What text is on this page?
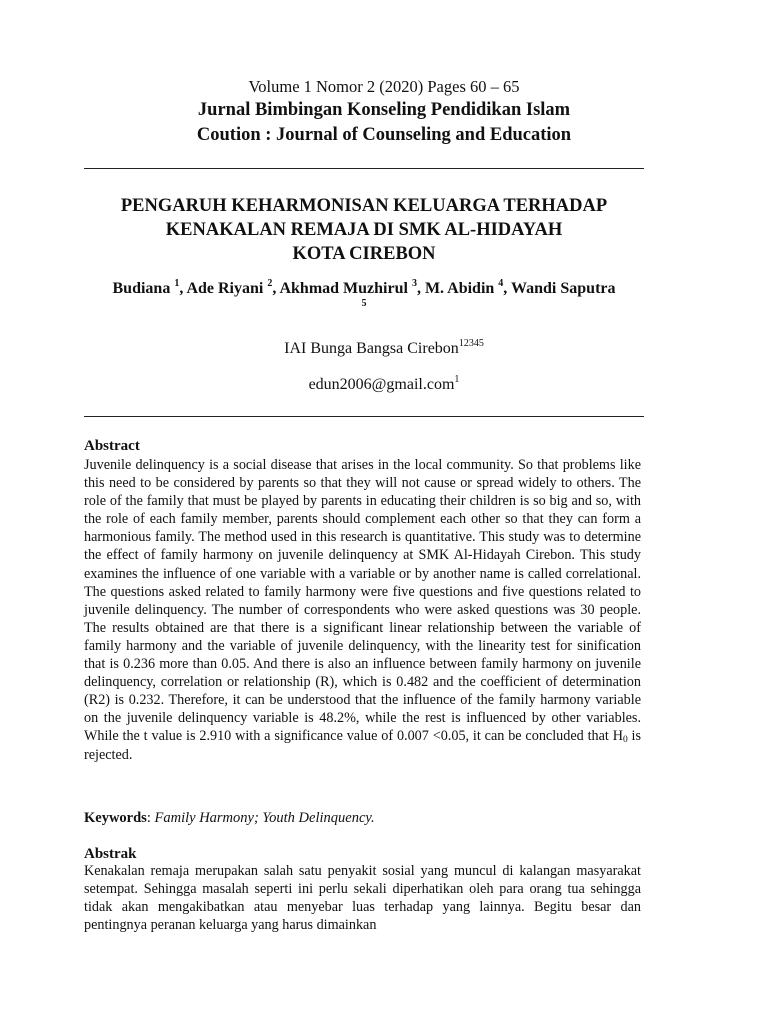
Volume 1 Nomor 2 (2020) Pages 60 – 65
Jurnal Bimbingan Konseling Pendidikan Islam
Coution : Journal of Counseling and Education
PENGARUH KEHARMONISAN KELUARGA TERHADAP
KENAKALAN REMAJA DI SMK AL-HIDAYAH
KOTA CIREBON
Budiana $^1$, Ade Riyani $^2$, Akhmad Muzhirul $^3$, M. Abidin $^4$, Wandi Saputra $^5$
IAI Bunga Bangsa Cirebon$^{12345}$
edun2006@gmail.com$^1$
Abstract
Juvenile delinquency is a social disease that arises in the local community. So that problems like this need to be considered by parents so that they will not cause or spread widely to others. The role of the family that must be played by parents in educating their children is so big and so, with the role of each family member, parents should complement each other so that they can form a harmonious family. The method used in this research is quantitative. This study was to determine the effect of family harmony on juvenile delinquency at SMK Al-Hidayah Cirebon. This study examines the influence of one variable with a variable or by another name is called correlational. The questions asked related to family harmony were five questions and five questions related to juvenile delinquency. The number of correspondents who were asked questions was 30 people. The results obtained are that there is a significant linear relationship between the variable of family harmony and the variable of juvenile delinquency, with the linearity test for sinification that is 0.236 more than 0.05. And there is also an influence between family harmony on juvenile delinquency, correlation or relationship (R), which is 0.482 and the coefficient of determination (R2) is 0.232. Therefore, it can be understood that the influence of the family harmony variable on the juvenile delinquency variable is 48.2%, while the rest is influenced by other variables. While the t value is 2.910 with a significance value of 0.007 <0.05, it can be concluded that $H_0$ is rejected.
Keywords: Family Harmony; Youth Delinquency.
Abstrak
Kenakalan remaja merupakan salah satu penyakit sosial yang muncul di kalangan masyarakat setempat. Sehingga masalah seperti ini perlu sekali diperhatikan oleh para orang tua sehingga tidak akan mengakibatkan atau menyebar luas terhadap yang lainnya. Begitu besar dan pentingnya peranan keluarga yang harus dimainkan
